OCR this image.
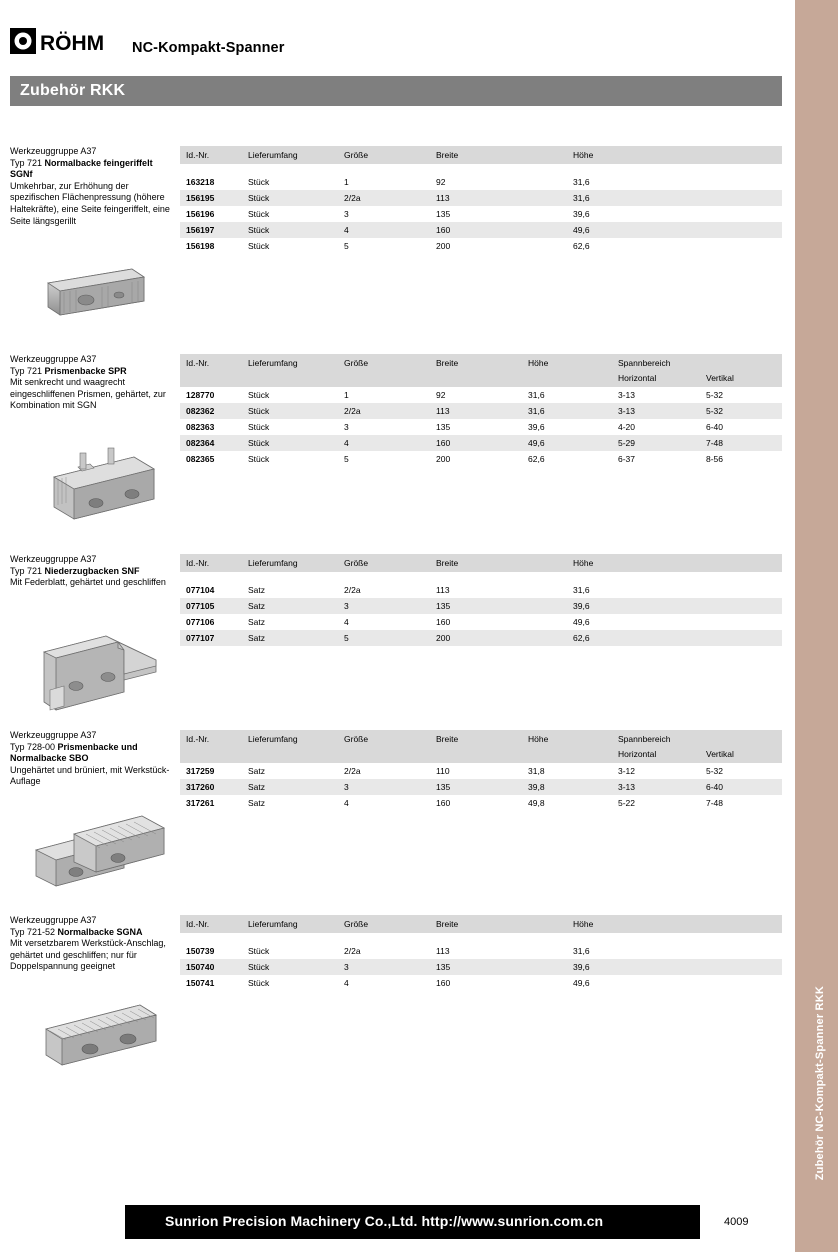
RÖHM NC-Kompakt-Spanner
Zubehör RKK
Werkzeuggruppe A37
Typ 721 Normalbacke feingeriffelt SGNf
Umkehrbar, zur Erhöhung der spezifischen Flächenpressung (höhere Haltekräfte), eine Seite feingeriffelt, eine Seite längsgerillt
Id.-Nr.	Lieferumfang	Größe	Breite	Höhe

163218	Stück	1	92	31,6
156195	Stück	2/2a	113	31,6
156196	Stück	3	135	39,6
156197	Stück	4	160	49,6
156198	Stück	5	200	62,6
Werkzeuggruppe A37
Typ 721 Prismenbacke SPR
Mit senkrecht und waagrecht eingeschliffenen Prismen, gehärtet, zur Kombination mit SGN
Id.-Nr.	Lieferumfang	Größe	Breite	Höhe	Spannbereich	
					Horizontal	Vertikal
128770	Stück	1	92	31,6	3-13	5-32
082362	Stück	2/2a	113	31,6	3-13	5-32
082363	Stück	3	135	39,6	4-20	6-40
082364	Stück	4	160	49,6	5-29	7-48
082365	Stück	5	200	62,6	6-37	8-56
Werkzeuggruppe A37
Typ 721 Niederzugbacken SNF
Mit Federblatt, gehärtet und geschliffen
Id.-Nr.	Lieferumfang	Größe	Breite	Höhe

077104	Satz	2/2a	113	31,6
077105	Satz	3	135	39,6
077106	Satz	4	160	49,6
077107	Satz	5	200	62,6
Werkzeuggruppe A37
Typ 728-00 Prismenbacke und Normalbacke SBO
Ungehärtet und brüniert, mit Werkstück-Auflage
Id.-Nr.	Lieferumfang	Größe	Breite	Höhe	Spannbereich	
					Horizontal	Vertikal
317259	Satz	2/2a	110	31,8	3-12	5-32
317260	Satz	3	135	39,8	3-13	6-40
317261	Satz	4	160	49,8	5-22	7-48
Werkzeuggruppe A37
Typ 721-52 Normalbacke SGNA
Mit versetzbarem Werkstück-Anschlag, gehärtet und geschliffen; nur für Doppelspannung geeignet
Id.-Nr.	Lieferumfang	Größe	Breite	Höhe

150739	Stück	2/2a	113	31,6
150740	Stück	3	135	39,6
150741	Stück	4	160	49,6
Sunrion Precision Machinery Co.,Ltd. http://www.sunrion.com.cn	4009
Zubehör NC-Kompakt-Spanner RKK
